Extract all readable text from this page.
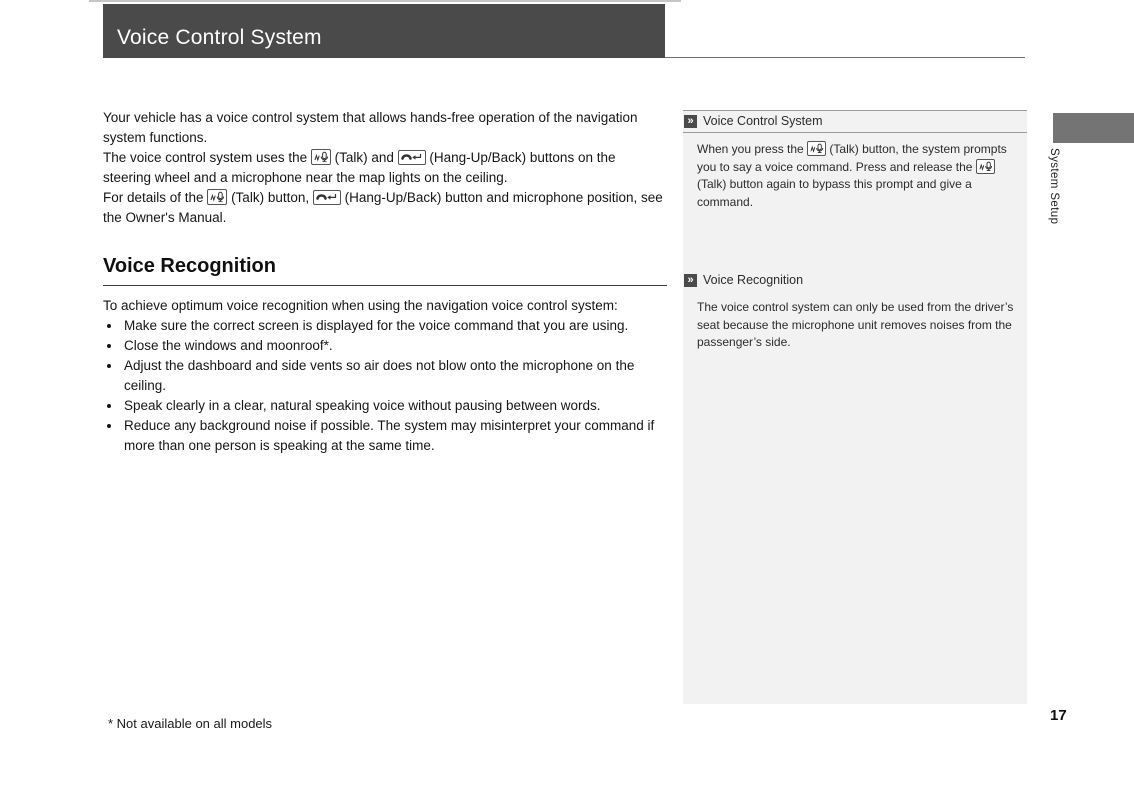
Voice Control System

Your vehicle has a voice control system that allows hands-free operation of the navigation system functions.

The voice control system uses the
(Talk) and
(Hang-Up/Back) buttons on the steering wheel and a microphone near the map lights on the ceiling.

For details of the
(Talk) button,
(Hang-Up/Back) button and microphone position, see the Owner's Manual.

Voice Recognition

To achieve optimum voice recognition when using the navigation voice control system:

• Make sure the correct screen is displayed for the voice command that you are using.
• Close the windows and moonroof*.
• Adjust the dashboard and side vents so air does not blow onto the microphone on the ceiling.
• Speak clearly in a clear, natural speaking voice without pausing between words.
• Reduce any background noise if possible. The system may misinterpret your command if more than one person is speaking at the same time.
» Voice Control System
When you press the
(Talk) button, the system prompts you to say a voice command. Press and release the
(Talk) button again to bypass this prompt and give a command.
» Voice Recognition
The voice control system can only be used from the driver’s seat because the microphone unit removes noises from the passenger’s side.
System Setup
* Not available on all models	17
